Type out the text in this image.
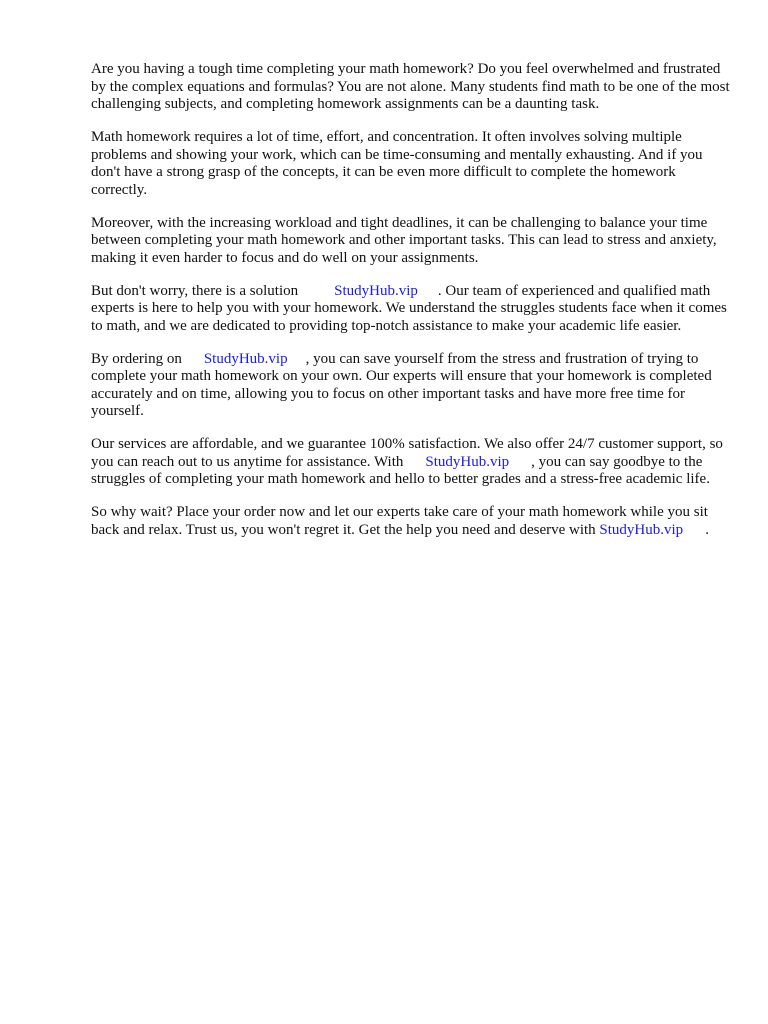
Are you having a tough time completing your math homework? Do you feel overwhelmed and frustrated by the complex equations and formulas? You are not alone. Many students find math to be one of the most challenging subjects, and completing homework assignments can be a daunting task.

Math homework requires a lot of time, effort, and concentration. It often involves solving multiple problems and showing your work, which can be time-consuming and mentally exhausting. And if you don't have a strong grasp of the concepts, it can be even more difficult to complete the homework correctly.

Moreover, with the increasing workload and tight deadlines, it can be challenging to balance your time between completing your math homework and other important tasks. This can lead to stress and anxiety, making it even harder to focus and do well on your assignments.

But don't worry, there is a solution StudyHub.vip . Our team of experienced and qualified math experts is here to help you with your homework. We understand the struggles students face when it comes to math, and we are dedicated to providing top-notch assistance to make your academic life easier.

By ordering on StudyHub.vip , you can save yourself from the stress and frustration of trying to complete your math homework on your own. Our experts will ensure that your homework is completed accurately and on time, allowing you to focus on other important tasks and have more free time for yourself.

Our services are affordable, and we guarantee 100% satisfaction. We also offer 24/7 customer support, so you can reach out to us anytime for assistance. With StudyHub.vip , you can say goodbye to the struggles of completing your math homework and hello to better grades and a stress-free academic life.

So why wait? Place your order now and let our experts take care of your math homework while you sit back and relax. Trust us, you won't regret it. Get the help you need and deserve with StudyHub.vip .
